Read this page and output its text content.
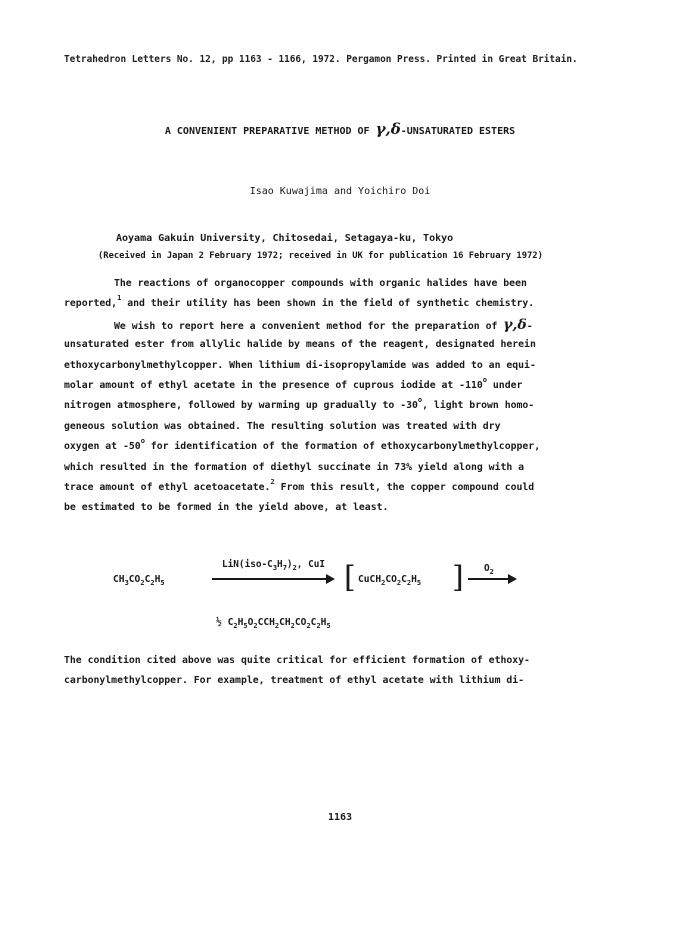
Tetrahedron Letters No. 12, pp 1163 - 1166, 1972. Pergamon Press. Printed in Great Britain.
A CONVENIENT PREPARATIVE METHOD OF γ,δ-UNSATURATED ESTERS
Isao Kuwajima and Yoichiro Doi
Aoyama Gakuin University, Chitosedai, Setagaya-ku, Tokyo
(Received in Japan 2 February 1972; received in UK for publication 16 February 1972)
The reactions of organocopper compounds with organic halides have been
reported,$^1$ and their utility has been shown in the field of synthetic chemistry.
We wish to report here a convenient method for the preparation of γ,δ-
unsaturated ester from allylic halide by means of the reagent, designated herein
ethoxycarbonylmethylcopper. When lithium di-isopropylamide was added to an equi-
molar amount of ethyl acetate in the presence of cuprous iodide at -110$^o$ under
nitrogen atmosphere, followed by warming up gradually to -30$^o$, light brown homo-
geneous solution was obtained. The resulting solution was treated with dry
oxygen at -50$^o$ for identification of the formation of ethoxycarbonylmethylcopper,
which resulted in the formation of diethyl succinate in 73% yield along with a
trace amount of ethyl acetoacetate.$^2$ From this result, the copper compound could
be estimated to be formed in the yield above, at least.
$CH_3CO_2C_2H_5$
$LiN(iso-C_3H_7)_2$, CuI [ $CuCH_2CO_2C_2H_5$ ] $O_2$
½ $C_2H_5O_2CCH_2CH_2CO_2C_2H_5$
The condition cited above was quite critical for efficient formation of ethoxy-
carbonylmethylcopper. For example, treatment of ethyl acetate with lithium di-
1163
